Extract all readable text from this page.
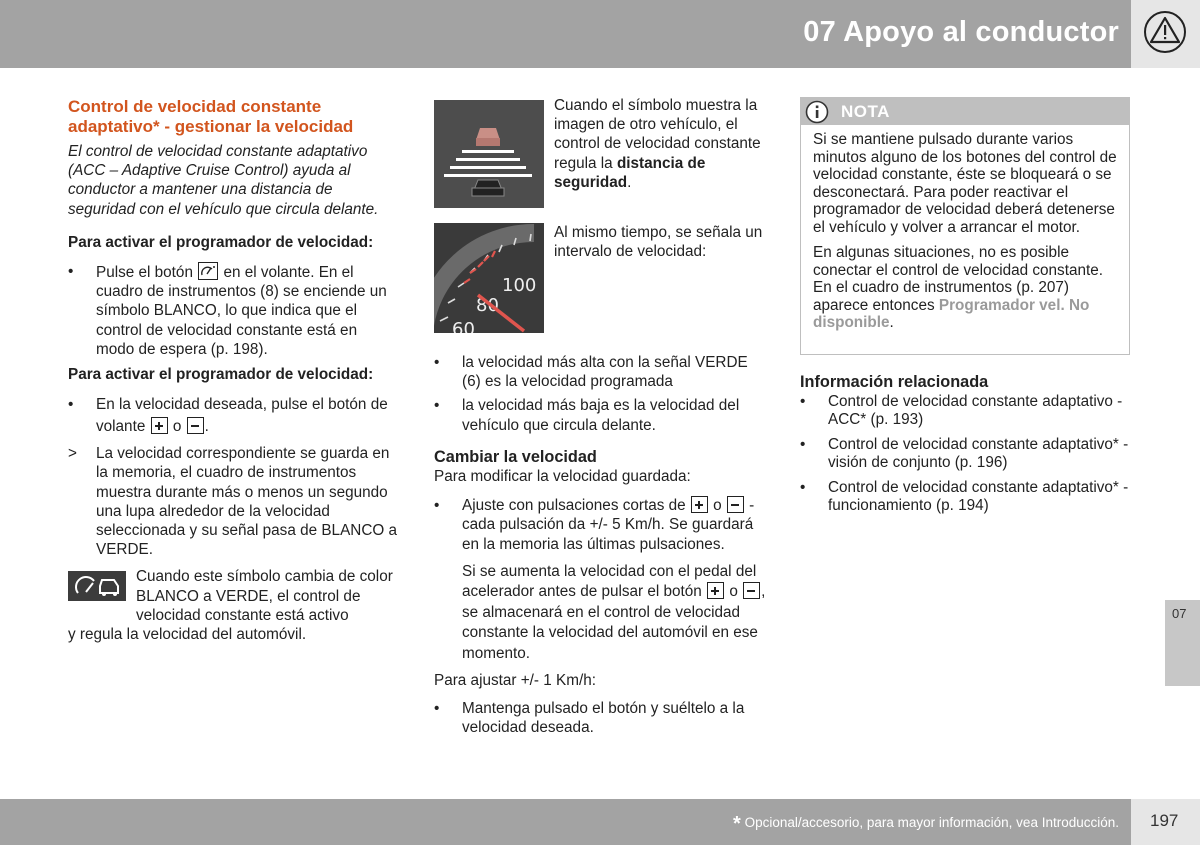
07 Apoyo al conductor

Control de velocidad constante adaptativo* - gestionar la velocidad

El control de velocidad constante adaptativo (ACC – Adaptive Cruise Control) ayuda al conductor a mantener una distancia de seguridad con el vehículo que circula delante.

Para activar el programador de velocidad:

• Pulse el botón en el volante. En el cuadro de instrumentos (8) se enciende un símbolo BLANCO, lo que indica que el control de velocidad constante está en modo de espera (p. 198).

Para activar el programador de velocidad:

• En la velocidad deseada, pulse el botón de volante o .
> La velocidad correspondiente se guarda en la memoria, el cuadro de instrumentos muestra durante más o menos un segundo una lupa alrededor de la velocidad seleccionada y su señal pasa de BLANCO a VERDE.

Cuando este símbolo cambia de color BLANCO a VERDE, el control de velocidad constante está activo

y regula la velocidad del automóvil.

Cuando el símbolo muestra la imagen de otro vehículo, el control de velocidad constante regula la distancia de seguridad.

100
80
60

Al mismo tiempo, se señala un intervalo de velocidad:

• la velocidad más alta con la señal VERDE (6) es la velocidad programada
• la velocidad más baja es la velocidad del vehículo que circula delante.

Cambiar la velocidad

Para modificar la velocidad guardada:

• Ajuste con pulsaciones cortas de o - cada pulsación da +/- 5 Km/h. Se guardará en la memoria las últimas pulsaciones.
Si se aumenta la velocidad con el pedal del acelerador antes de pulsar el botón o , se almacenará en el control de velocidad constante la velocidad del automóvil en ese momento.

Para ajustar +/- 1 Km/h:

• Mantenga pulsado el botón y suéltelo a la velocidad deseada.
NOTA

Si se mantiene pulsado durante varios minutos alguno de los botones del control de velocidad constante, éste se bloqueará o se desconectará. Para poder reactivar el programador de velocidad deberá detenerse el vehículo y volver a arrancar el motor.

En algunas situaciones, no es posible conectar el control de velocidad constante. En el cuadro de instrumentos (p. 207) aparece entonces Programador vel. No disponible.

Información relacionada

• Control de velocidad constante adaptativo - ACC* (p. 193)
• Control de velocidad constante adaptativo* - visión de conjunto (p. 196)
• Control de velocidad constante adaptativo* - funcionamiento (p. 194)
07
* Opcional/accesorio, para mayor información, vea Introducción. 197
